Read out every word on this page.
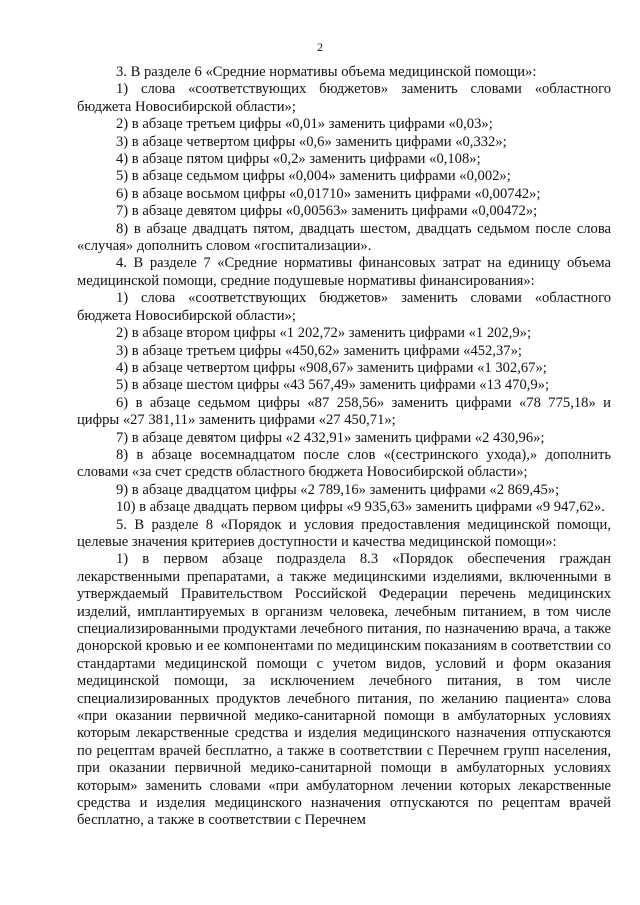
2

3. В разделе 6 «Средние нормативы объема медицинской помощи»:

1) слова «соответствующих бюджетов» заменить словами «областного бюджета Новосибирской области»;

2) в абзаце третьем цифры «0,01» заменить цифрами «0,03»;

3) в абзаце четвертом цифры «0,6» заменить цифрами «0,332»;

4) в абзаце пятом цифры «0,2» заменить цифрами «0,108»;

5) в абзаце седьмом цифры «0,004» заменить цифрами «0,002»;

6) в абзаце восьмом цифры «0,01710» заменить цифрами «0,00742»;

7) в абзаце девятом цифры «0,00563» заменить цифрами «0,00472»;

8) в абзаце двадцать пятом, двадцать шестом, двадцать седьмом после слова «случая» дополнить словом «госпитализации».

4. В разделе 7 «Средние нормативы финансовых затрат на единицу объема медицинской помощи, средние подушевые нормативы финансирования»:

1) слова «соответствующих бюджетов» заменить словами «областного бюджета Новосибирской области»;

2) в абзаце втором цифры «1 202,72» заменить цифрами «1 202,9»;

3) в абзаце третьем цифры «450,62» заменить цифрами «452,37»;

4) в абзаце четвертом цифры «908,67» заменить цифрами «1 302,67»;

5) в абзаце шестом цифры «43 567,49» заменить цифрами «13 470,9»;

6) в абзаце седьмом цифры «87 258,56» заменить цифрами «78 775,18» и цифры «27 381,11» заменить цифрами «27 450,71»;

7) в абзаце девятом цифры «2 432,91» заменить цифрами «2 430,96»;

8) в абзаце восемнадцатом после слов «(сестринского ухода),» дополнить словами «за счет средств областного бюджета Новосибирской области»;

9) в абзаце двадцатом цифры «2 789,16» заменить цифрами «2 869,45»;

10) в абзаце двадцать первом цифры «9 935,63» заменить цифрами «9 947,62».

5. В разделе 8 «Порядок и условия предоставления медицинской помощи, целевые значения критериев доступности и качества медицинской помощи»:

1) в первом абзаце подраздела 8.3 «Порядок обеспечения граждан лекарственными препаратами, а также медицинскими изделиями, включенными в утверждаемый Правительством Российской Федерации перечень медицинских изделий, имплантируемых в организм человека, лечебным питанием, в том числе специализированными продуктами лечебного питания, по назначению врача, а также донорской кровью и ее компонентами по медицинским показаниям в соответствии со стандартами медицинской помощи с учетом видов, условий и форм оказания медицинской помощи, за исключением лечебного питания, в том числе специализированных продуктов лечебного питания, по желанию пациента» слова «при оказании первичной медико-санитарной помощи в амбулаторных условиях которым лекарственные средства и изделия медицинского назначения отпускаются по рецептам врачей бесплатно, а также в соответствии с Перечнем групп населения, при оказании первичной медико-санитарной помощи в амбулаторных условиях которым» заменить словами «при амбулаторном лечении которых лекарственные средства и изделия медицинского назначения отпускаются по рецептам врачей бесплатно, а также в соответствии с Перечнем
